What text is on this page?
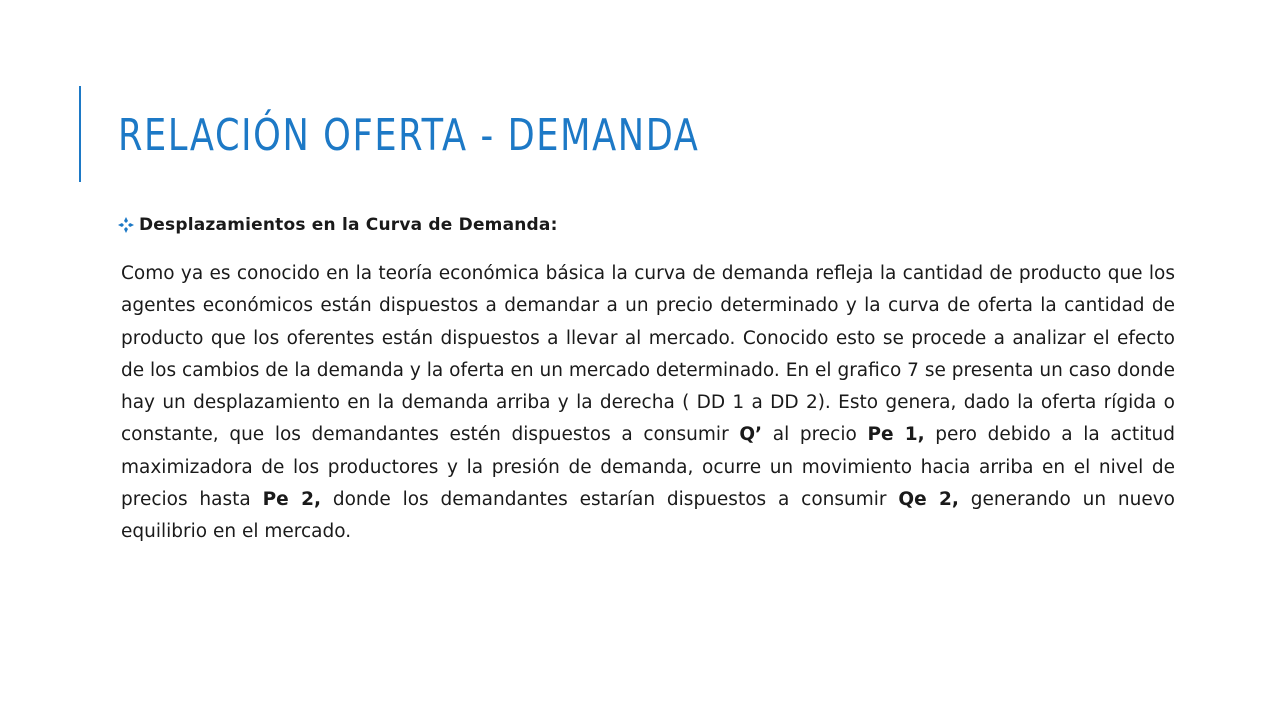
RELACIÓN OFERTA - DEMANDA
Desplazamientos en la Curva de Demanda:

Como ya es conocido en la teoría económica básica la curva de demanda refleja la cantidad de producto que los agentes económicos están dispuestos a demandar a un precio determinado y la curva de oferta la cantidad de producto que los oferentes están dispuestos a llevar al mercado. Conocido esto se procede a analizar el efecto de los cambios de la demanda y la oferta en un mercado determinado. En el grafico 7 se presenta un caso donde hay un desplazamiento en la demanda arriba y la derecha ( DD 1 a DD 2). Esto genera, dado la oferta rígida o constante, que los demandantes estén dispuestos a consumir Q’ al precio Pe 1, pero debido a la actitud maximizadora de los productores y la presión de demanda, ocurre un movimiento hacia arriba en el nivel de precios hasta Pe 2, donde los demandantes estarían dispuestos a consumir Qe 2, generando un nuevo equilibrio en el mercado.
